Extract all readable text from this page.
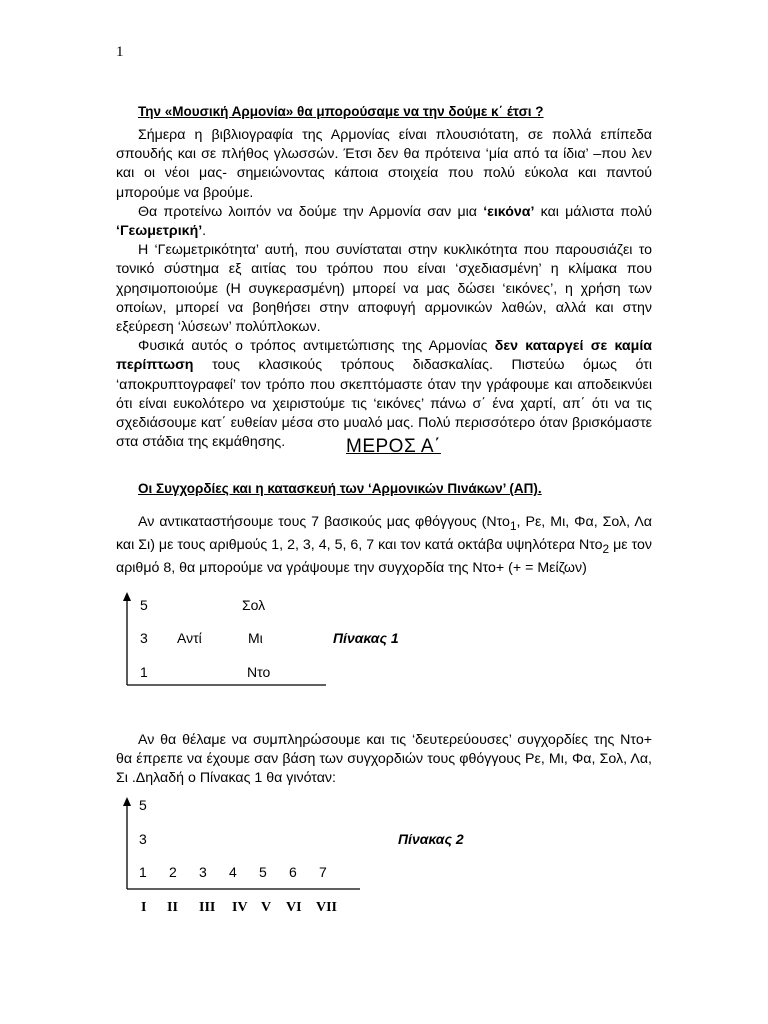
1
Την «Μουσική Αρμονία» θα μπορούσαμε να την δούμε κ΄ έτσι ?

Σήμερα η βιβλιογραφία της Αρμονίας είναι πλουσιότατη, σε πολλά επίπεδα σπουδής και σε πλήθος γλωσσών. Έτσι δεν θα πρότεινα ‘μία από τα ίδια’ –που λεν και οι νέοι μας- σημειώνοντας κάποια στοιχεία που πολύ εύκολα και παντού μπορούμε να βρούμε.

Θα προτείνω λοιπόν να δούμε την Αρμονία σαν μια ‘εικόνα’ και μάλιστα πολύ ‘Γεωμετρική’.

Η ‘Γεωμετρικότητα’ αυτή, που συνίσταται στην κυκλικότητα που παρουσιάζει το τονικό σύστημα εξ αιτίας του τρόπου που είναι ‘σχεδιασμένη’ η κλίμακα που χρησιμοποιούμε (Η συγκερασμένη) μπορεί να μας δώσει ‘εικόνες’, η χρήση των οποίων, μπορεί να βοηθήσει στην αποφυγή αρμονικών λαθών, αλλά και στην εξεύρεση ‘λύσεων’ πολύπλοκων.

Φυσικά αυτός ο τρόπος αντιμετώπισης της Αρμονίας δεν καταργεί σε καμία περίπτωση τους κλασικούς τρόπους διδασκαλίας. Πιστεύω όμως ότι ‘αποκρυπτογραφεί’ τον τρόπο που σκεπτόμαστε όταν την γράφουμε και αποδεικνύει ότι είναι ευκολότερο να χειριστούμε τις ‘εικόνες’ πάνω σ΄ ένα χαρτί, απ΄ ότι να τις σχεδιάσουμε κατ΄ ευθείαν μέσα στο μυαλό μας. Πολύ περισσότερο όταν βρισκόμαστε στα στάδια της εκμάθησης.	ΜΕΡΟΣ Α΄
Οι Συγχορδίες και η κατασκευή των ‘Αρμονικών Πινάκων’ (ΑΠ).

Αν αντικαταστήσουμε τους 7 βασικούς μας φθόγγους (Ντο$_1$, Ρε, Μι, Φα, Σολ, Λα και Σι) με τους αριθμούς 1, 2, 3, 4, 5, 6, 7 και τον κατά οκτάβα υψηλότερα Ντο$_2$ με τον αριθμό 8, θα μπορούμε να γράψουμε την συγχορδία της Ντο+ (+ = Μείζων)

5	Σολ
3 Αντί	Μι
1	Ντο
Πίνακας 1

Αν θα θέλαμε να συμπληρώσουμε και τις ‘δευτερεύουσες’ συγχορδίες της Ντο+ θα έπρεπε να έχουμε σαν βάση των συγχορδιών τους φθόγγους Ρε, Μι, Φα, Σολ, Λα, Σι .Δηλαδή ο Πίνακας 1 θα γινόταν:

5
3	Πίνακας 2
1 2 3 4 5 6 7
I II III IV V VI VII
